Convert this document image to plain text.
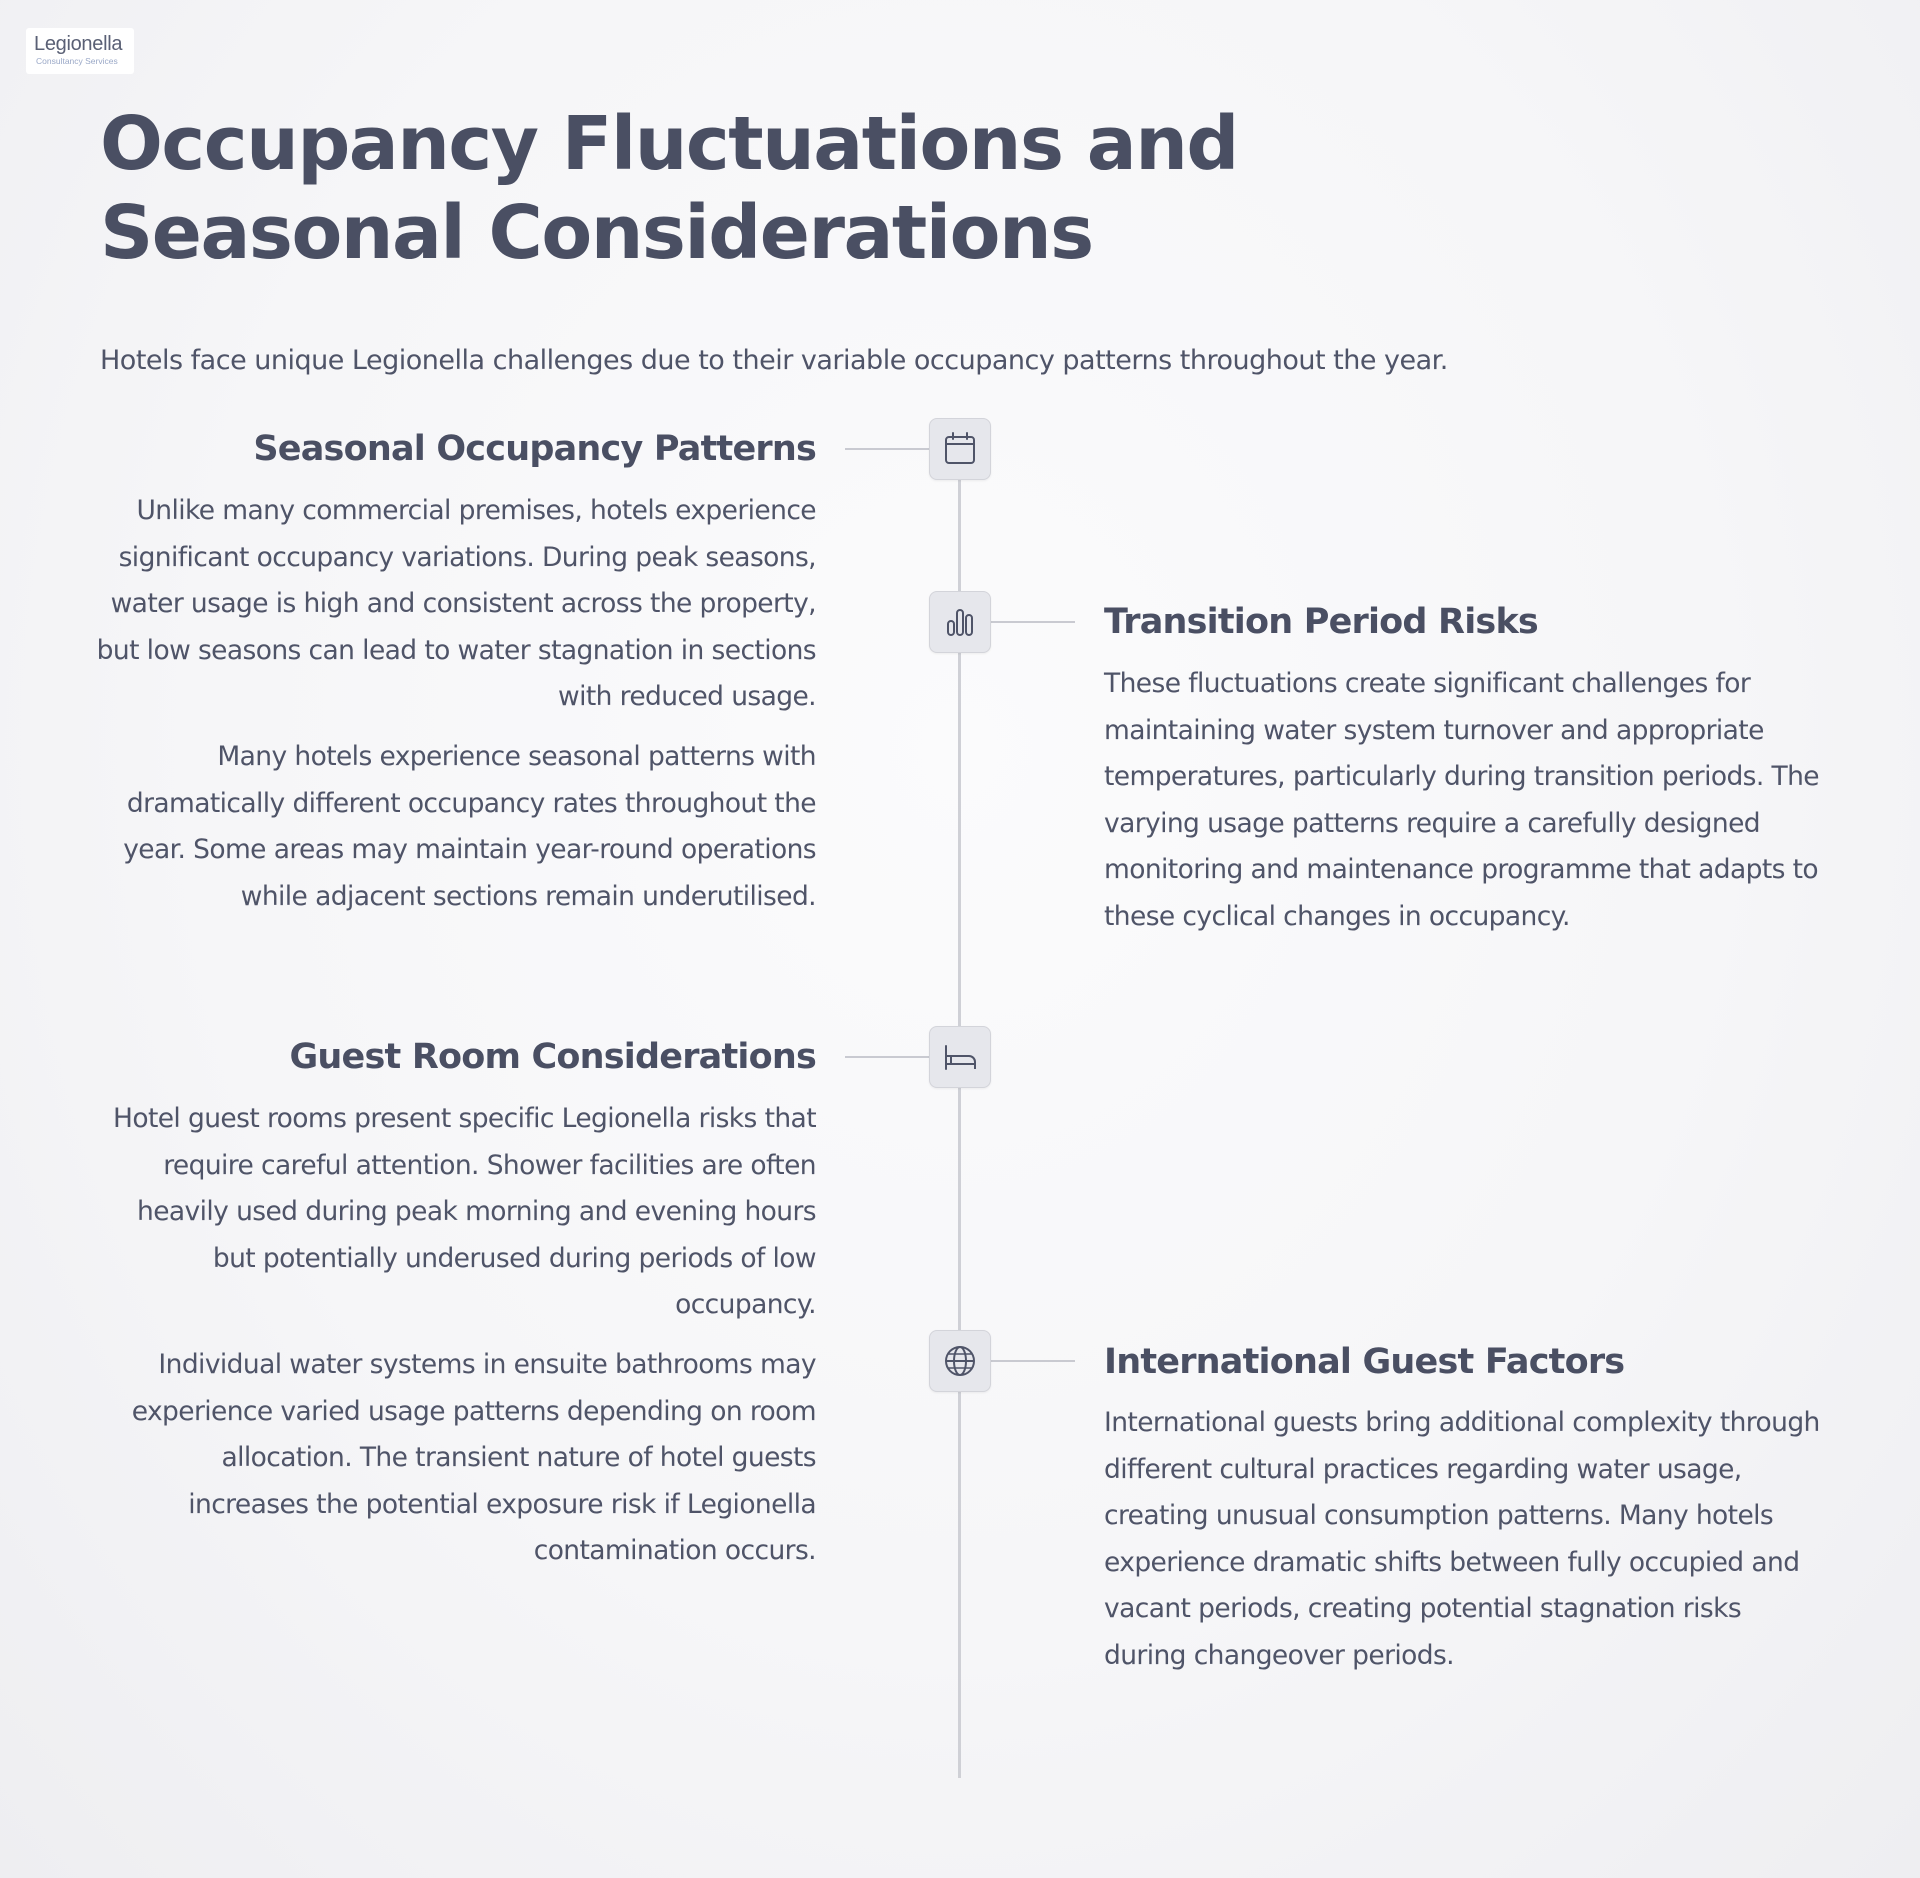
Legionella
Consultancy Services
Occupancy Fluctuations and Seasonal Considerations

Hotels face unique Legionella challenges due to their variable occupancy patterns throughout the year.

Seasonal Occupancy Patterns

Unlike many commercial premises, hotels experience significant occupancy variations. During peak seasons, water usage is high and consistent across the property, but low seasons can lead to water stagnation in sections with reduced usage.

Many hotels experience seasonal patterns with dramatically different occupancy rates throughout the year. Some areas may maintain year-round operations while adjacent sections remain underutilised.

Transition Period Risks

These fluctuations create significant challenges for maintaining water system turnover and appropriate temperatures, particularly during transition periods. The varying usage patterns require a carefully designed monitoring and maintenance programme that adapts to these cyclical changes in occupancy.

Guest Room Considerations

Hotel guest rooms present specific Legionella risks that require careful attention. Shower facilities are often heavily used during peak morning and evening hours but potentially underused during periods of low occupancy.

Individual water systems in ensuite bathrooms may experience varied usage patterns depending on room allocation. The transient nature of hotel guests increases the potential exposure risk if Legionella contamination occurs.

International Guest Factors

International guests bring additional complexity through different cultural practices regarding water usage, creating unusual consumption patterns. Many hotels experience dramatic shifts between fully occupied and vacant periods, creating potential stagnation risks during changeover periods.
